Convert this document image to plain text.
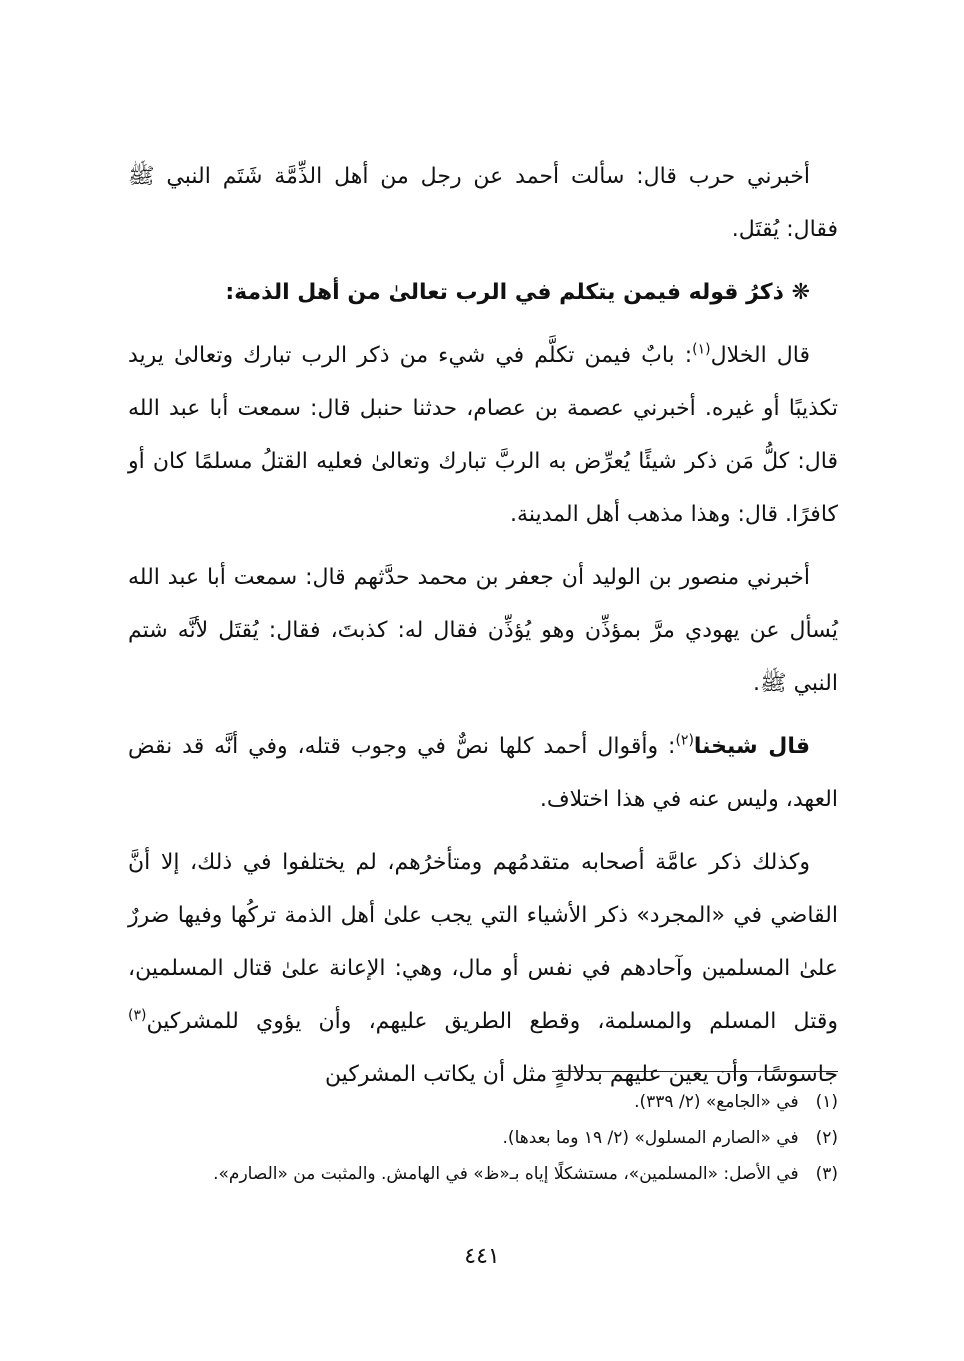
أخبرني حرب قال: سألت أحمد عن رجل من أهل الذِّمَّة شَتَم النبي ﷺ فقال: يُقتَل.

❋ ذكرُ قوله فيمن يتكلم في الرب تعالىٰ من أهل الذمة:

قال الخلال$^{(١)}$: بابٌ فيمن تكلَّم في شيء من ذكر الرب تبارك وتعالىٰ يريد تكذيبًا أو غيره. أخبرني عصمة بن عصام، حدثنا حنبل قال: سمعت أبا عبد الله قال: كلُّ مَن ذكر شيئًا يُعرِّض به الربَّ تبارك وتعالىٰ فعليه القتلُ مسلمًا كان أو كافرًا. قال: وهذا مذهب أهل المدينة.

أخبرني منصور بن الوليد أن جعفر بن محمد حدَّثهم قال: سمعت أبا عبد الله يُسأل عن يهودي مرَّ بمؤذِّن وهو يُؤذِّن فقال له: كذبتَ، فقال: يُقتَل لأنَّه شتم النبي ﷺ.

قال شيخنا$^{(٢)}$: وأقوال أحمد كلها نصٌّ في وجوب قتله، وفي أنَّه قد نقض العهد، وليس عنه في هذا اختلاف.

وكذلك ذكر عامَّة أصحابه متقدمُهم ومتأخرُهم، لم يختلفوا في ذلك، إلا أنَّ القاضي في «المجرد» ذكر الأشياء التي يجب علىٰ أهل الذمة تركُها وفيها ضررٌ علىٰ المسلمين وآحادهم في نفس أو مال، وهي: الإعانة علىٰ قتال المسلمين، وقتل المسلم والمسلمة، وقطع الطريق عليهم، وأن يؤوي للمشركين$^{(٣)}$ جاسوسًا، وأن يعين عليهم بدلالةٍ مثل أن يكاتب المشركين

(١) في «الجامع» (٢/ ٣٣٩).

(٢) في «الصارم المسلول» (٢/ ١٩ وما بعدها).

(٣) في الأصل: «المسلمين»، مستشكلًا إياه بـ«ظ» في الهامش. والمثبت من «الصارم».

٤٤١
